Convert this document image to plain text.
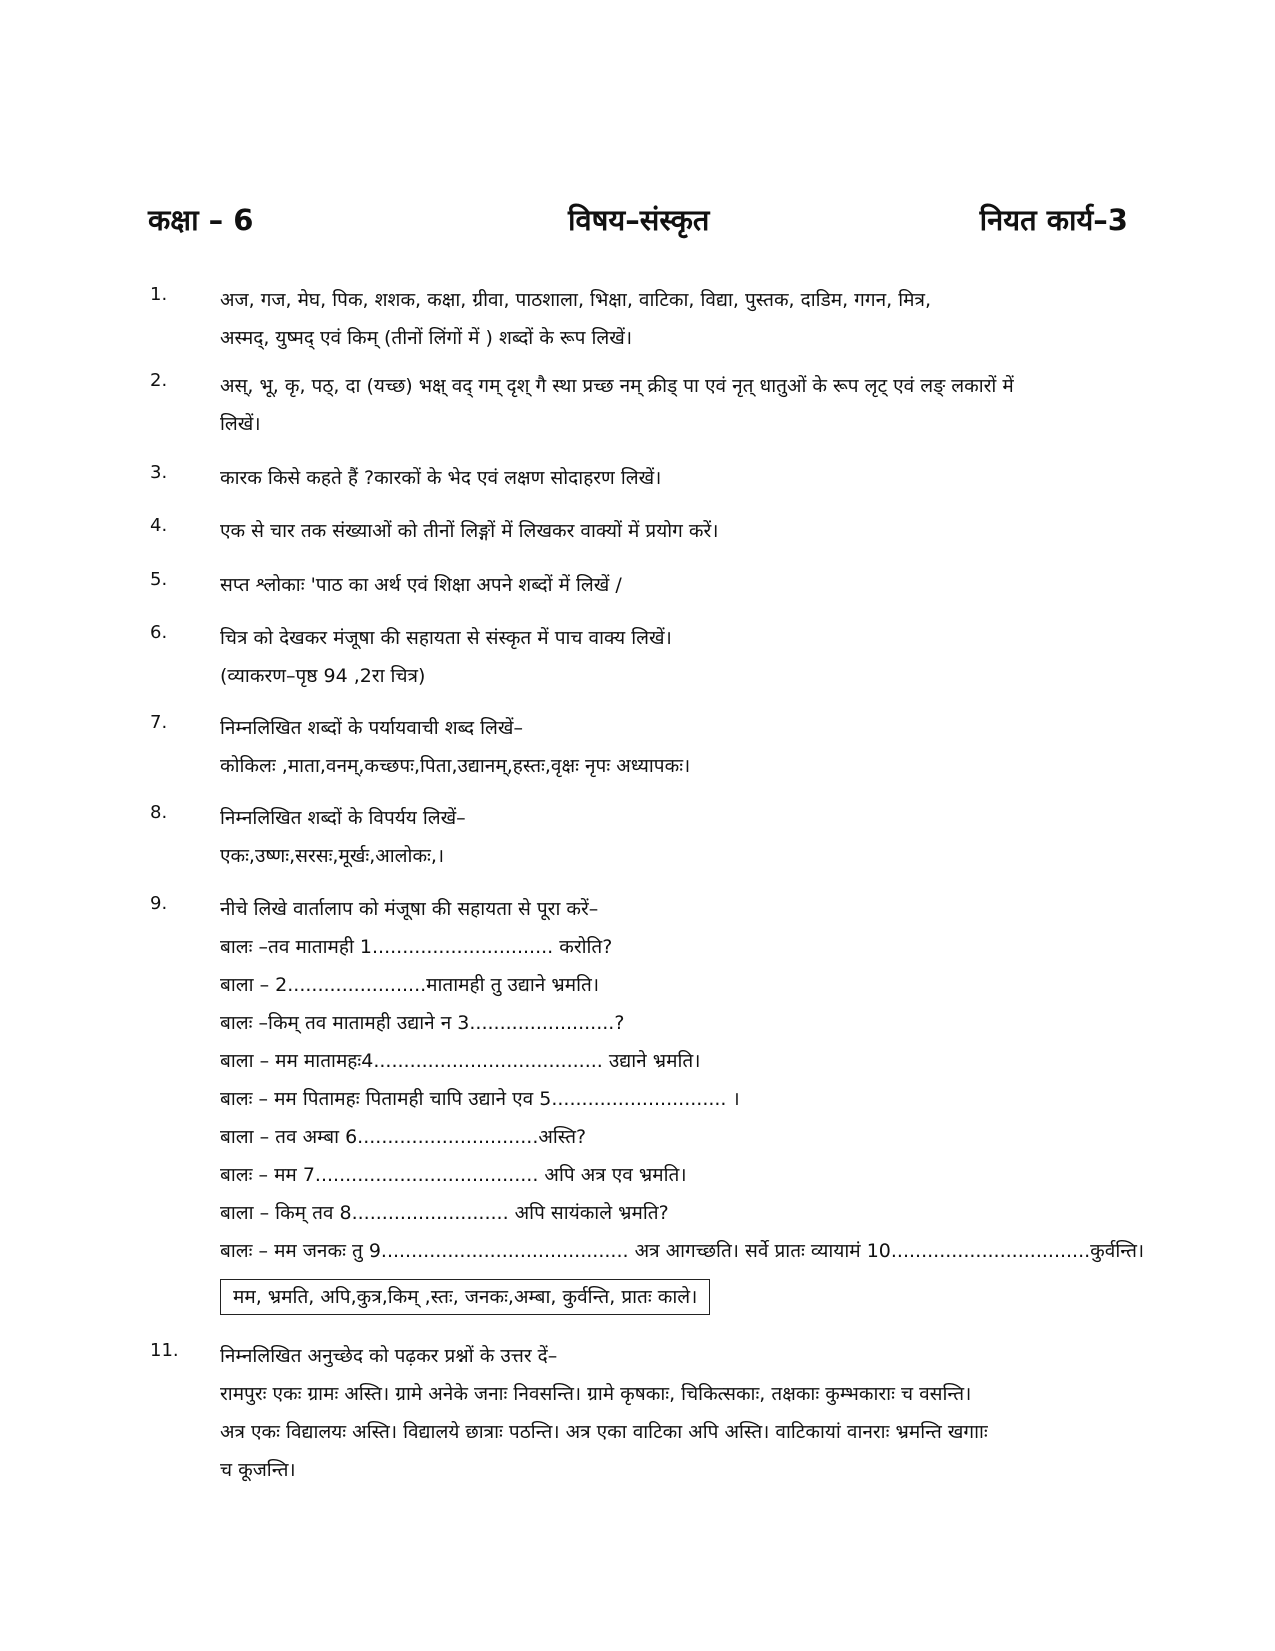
कक्षा – 6	विषय–संस्कृत	नियत कार्य–3
1.	अज, गज, मेघ, पिक, शशक, कक्षा, ग्रीवा, पाठशाला, भिक्षा, वाटिका, विद्या, पुस्तक, दाडिम, गगन, मित्र,
अस्मद्, युष्मद् एवं किम् (तीनों लिंगों में ) शब्दों के रूप लिखें।
2.	अस्, भू, कृ, पठ्, दा (यच्छ) भक्ष् वद् गम् दृश् गै स्था प्रच्छ नम् क्रीड् पा एवं नृत् धातुओं के रूप लृट् एवं लङ् लकारों में
लिखें।
3.	कारक किसे कहते हैं ?कारकों के भेद एवं लक्षण सोदाहरण लिखें।
4.	एक से चार तक संख्याओं को तीनों लिङ्गों में लिखकर वाक्यों में प्रयोग करें।
5.	सप्त श्लोकाः 'पाठ का अर्थ एवं शिक्षा अपने शब्दों में लिखें /
6.	चित्र को देखकर मंजूषा की सहायता से संस्कृत में पाच वाक्य लिखें।
(व्याकरण–पृष्ठ 94 ,2रा चित्र)
7.	निम्नलिखित शब्दों के पर्यायवाची शब्द लिखें–
कोकिलः ,माता,वनम्,कच्छपः,पिता,उद्यानम्,हस्तः,वृक्षः नृपः अध्यापकः।
8.	निम्नलिखित शब्दों के विपर्यय लिखें–
एकः,उष्णः,सरसः,मूर्खः,आलोकः,।
9.	नीचे लिखे वार्तालाप को मंजूषा की सहायता से पूरा करें–
बालः –तव मातामही 1.............................. करोति?
बाला – 2.......................मातामही तु उद्याने भ्रमति।
बालः –किम् तव मातामही उद्याने न 3........................?
बाला – मम मातामहः4...................................... उद्याने भ्रमति।
बालः – मम पितामहः पितामही चापि उद्याने एव 5............................. ।
बाला – तव अम्बा 6..............................अस्ति?
बालः – मम 7..................................... अपि अत्र एव भ्रमति।
बाला – किम् तव 8.......................... अपि सायंकाले भ्रमति?
बालः – मम जनकः तु 9......................................... अत्र आगच्छति। सर्वे प्रातः व्यायामं 10.................................कुर्वन्ति।
मम, भ्रमति, अपि,कुत्र,किम् ,स्तः, जनकः,अम्बा, कुर्वन्ति, प्रातः काले।
11. निम्नलिखित अनुच्छेद को पढ़कर प्रश्नों के उत्तर दें–
रामपुरः एकः ग्रामः अस्ति। ग्रामे अनेके जनाः निवसन्ति। ग्रामे कृषकाः, चिकित्सकाः, तक्षकाः कुम्भकाराः च वसन्ति।
अत्र एकः विद्यालयः अस्ति। विद्यालये छात्राः पठन्ति। अत्र एका वाटिका अपि अस्ति। वाटिकायां वानराः भ्रमन्ति खगााः
च कूजन्ति।
